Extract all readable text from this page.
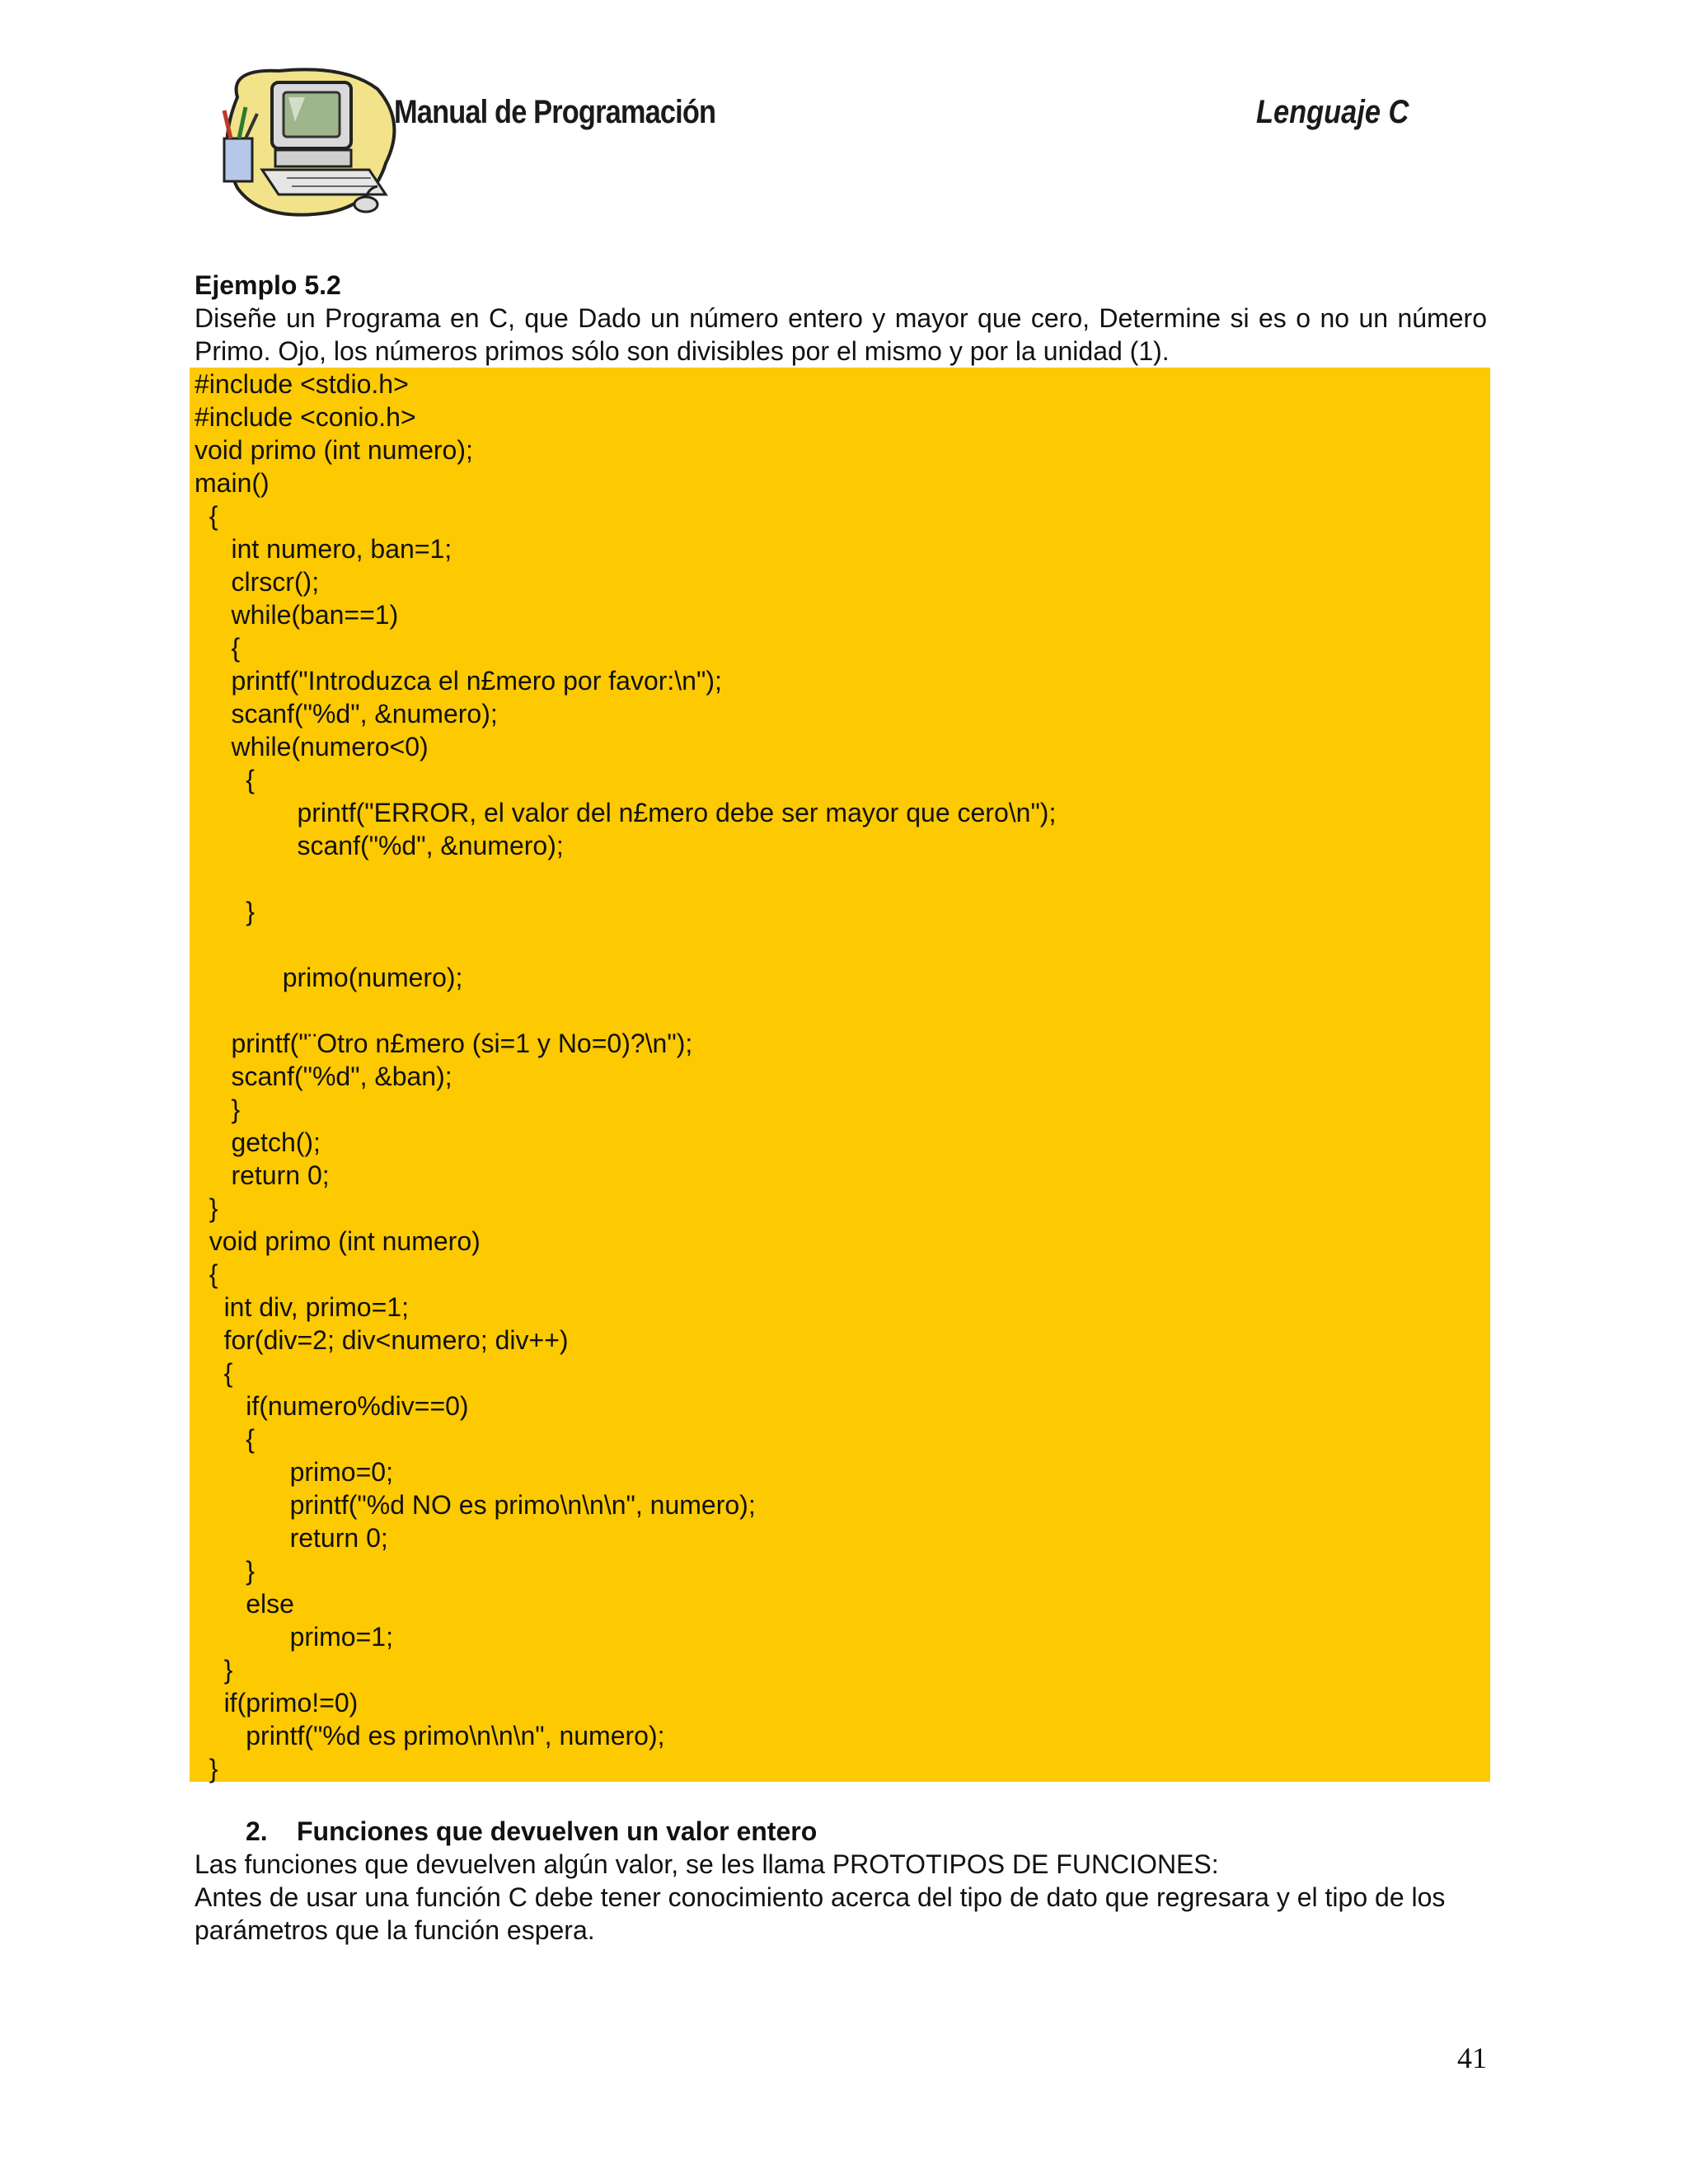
Manual de Programación	Lenguaje C

Ejemplo 5.2

Diseñe un Programa en C, que Dado un número entero y mayor que cero, Determine si es o no un número Primo. Ojo, los números primos sólo son divisibles por el mismo y por la unidad (1).

#include <stdio.h>
#include <conio.h>
void primo (int numero);
main()
{
int numero, ban=1;
clrscr();
while(ban==1)
{
printf("Introduzca el n£mero por favor:\n");
scanf("%d", &numero);
while(numero<0)
{
printf("ERROR, el valor del n£mero debe ser mayor que cero\n");
scanf("%d", &numero);
}
primo(numero);
printf("¨Otro n£mero (si=1 y No=0)?\n");
scanf("%d", &ban);
}
getch();
return 0;
}
void primo (int numero)
{
int div, primo=1;
for(div=2; div<numero; div++)
{
if(numero%div==0)
{
primo=0;
printf("%d NO es primo\n\n\n", numero);
return 0;
}
else
primo=1;
}
if(primo!=0)
printf("%d es primo\n\n\n", numero);
}

2. Funciones que devuelven un valor entero

Las funciones que devuelven algún valor, se les llama PROTOTIPOS DE FUNCIONES:

Antes de usar una función C debe tener conocimiento acerca del tipo de dato que regresara y el tipo de los

parámetros que la función espera.

41
